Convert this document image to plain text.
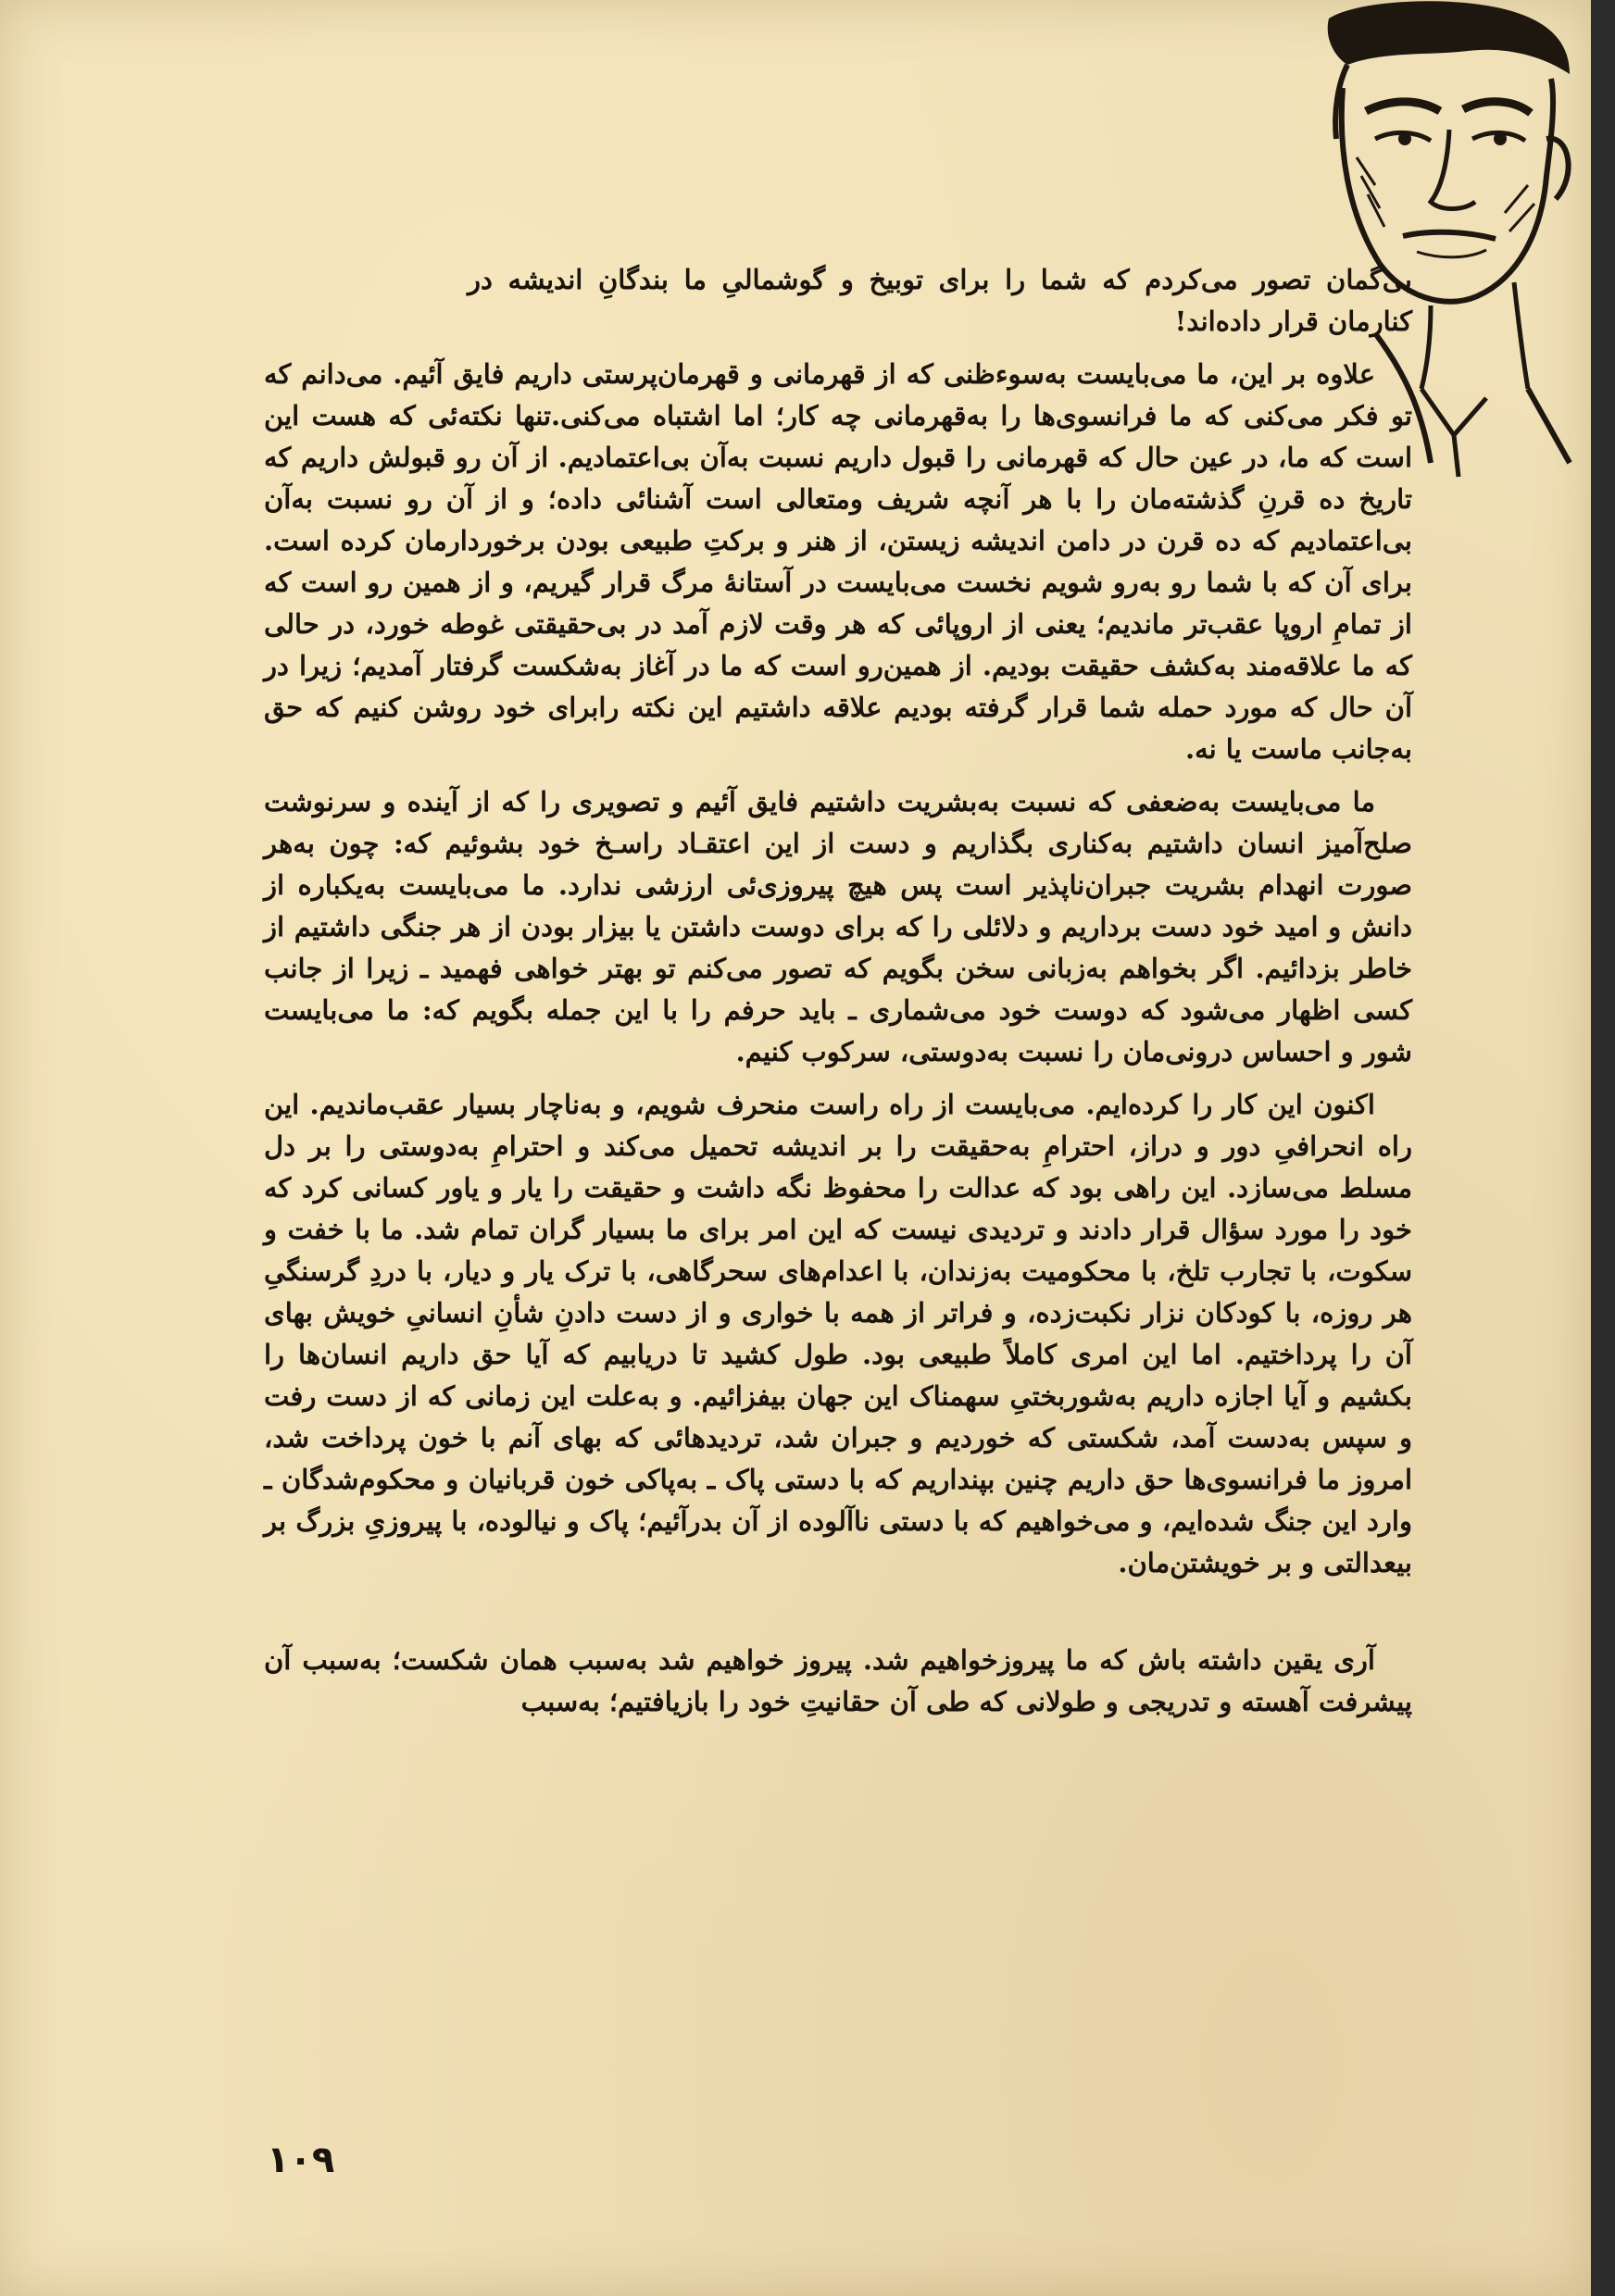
بی‌گمان تصور می‌کردم که شما را برای توبیخ و گوشمالیِ ما بندگانِ اندیشه در کنارمان قرار داده‌اند!

علاوه بر این، ما می‌بایست به‌سوءظنی که از قهرمانی و قهرمان‌پرستی داریم فایق آئیم. می‌دانم که تو فکر می‌کنی که ما فرانسوی‌ها را به‌قهرمانی چه کار؛ اما اشتباه می‌کنی.تنها نکته‌ئی که هست این است که ما، در عین حال که قهرمانی را قبول داریم نسبت به‌آن بی‌اعتمادیم. از آن رو قبولش داریم که تاریخ ده قرنِ گذشته‌مان را با هر آنچه شریف ومتعالی است آشنائی داده؛ و از آن رو نسبت به‌آن بی‌اعتمادیم که ده قرن در دامن اندیشه زیستن، از هنر و برکتِ طبیعی بودن برخوردارمان کرده است. برای آن که با شما رو به‌رو شویم نخست می‌بایست در آستانهٔ مرگ قرار گیریم، و از همین رو است که از تمامِ اروپا عقب‌تر ماندیم؛ یعنی از اروپائی که هر وقت لازم آمد در بی‌حقیقتی غوطه خورد، در حالی که ما علاقه‌مند به‌کشف حقیقت بودیم. از همین‌رو است که ما در آغاز به‌شکست گرفتار آمدیم؛ زیرا در آن حال که مورد حمله شما قرار گرفته بودیم علاقه داشتیم این نکته رابرای خود روشن کنیم که حق به‌جانب ماست یا نه.

ما می‌بایست به‌ضعفی که نسبت به‌بشریت داشتیم فایق آئیم و تصویری را که از آینده و سرنوشت صلح‌آمیز انسان داشتیم به‌کناری بگذاریم و دست از این اعتقـاد راسـخ خود بشوئیم که: چون به‌هر صورت انهدام بشریت جبران‌ناپذیر است پس هیچ پیروزی‌ئی ارزشی ندارد. ما می‌بایست به‌یکباره از دانش و امید خود دست برداریم و دلائلی را که برای دوست داشتن یا بیزار بودن از هر جنگی داشتیم از خاطر بزدائیم. اگر بخواهم به‌زبانی سخن بگویم که تصور می‌کنم تو بهتر خواهی فهمید ـ زیرا از جانب کسی اظهار می‌شود که دوست خود می‌شماری ـ باید حرفم را با این جمله بگویم که: ما می‌بایست شور و احساس درونی‌مان را نسبت به‌دوستی، سرکوب کنیم.

اکنون این کار را کرده‌ایم. می‌بایست از راه راست منحرف شویم، و به‌ناچار بسیار عقب‌ماندیم. این راه انحرافیِ دور و دراز، احترامِ به‌حقیقت را بر اندیشه تحمیل می‌کند و احترامِ به‌دوستی را بر دل مسلط می‌سازد. این راهی بود که عدالت را محفوظ نگه داشت و حقیقت را یار و یاور کسانی کرد که خود را مورد سؤال قرار دادند و تردیدی نیست که این امر برای ما بسیار گران تمام شد. ما با خفت و سکوت، با تجارب تلخ، با محکومیت به‌زندان، با اعدام‌های سحرگاهی، با ترک یار و دیار، با دردِ گرسنگیِ هر روزه، با کودکان نزار نکبت‌زده، و فراتر از همه با خواری و از دست دادنِ شأنِ انسانیِ خویش بهای آن را پرداختیم. اما این امری کاملاً طبیعی بود. طول کشید تا دریابیم که آیا حق داریم انسان‌ها را بکشیم و آیا اجازه داریم به‌شوربختیِ سهمناک این جهان بیفزائیم. و به‌علت این زمانی که از دست رفت و سپس به‌دست آمد، شکستی که خوردیم و جبران شد، تردیدهائی که بهای آنم با خون پرداخت شد، امروز ما فرانسوی‌ها حق داریم چنین بپنداریم که با دستی پاک ـ به‌پاکی خون قربانیان و محکوم‌شدگان ـ وارد این جنگ شده‌ایم، و می‌خواهیم که با دستی ناآلوده از آن بدرآئیم؛ پاک و نیالوده، با پیروزیِ بزرگ بر بیعدالتی و بر خویشتن‌مان.

آری یقین داشته باش که ما پیروزخواهیم شد. پیروز خواهیم شد به‌سبب همان شکست؛ به‌سبب آن پیشرفت آهسته و تدریجی و طولانی که طی آن حقانیتِ خود را بازیافتیم؛ به‌سبب

۱۰۹
